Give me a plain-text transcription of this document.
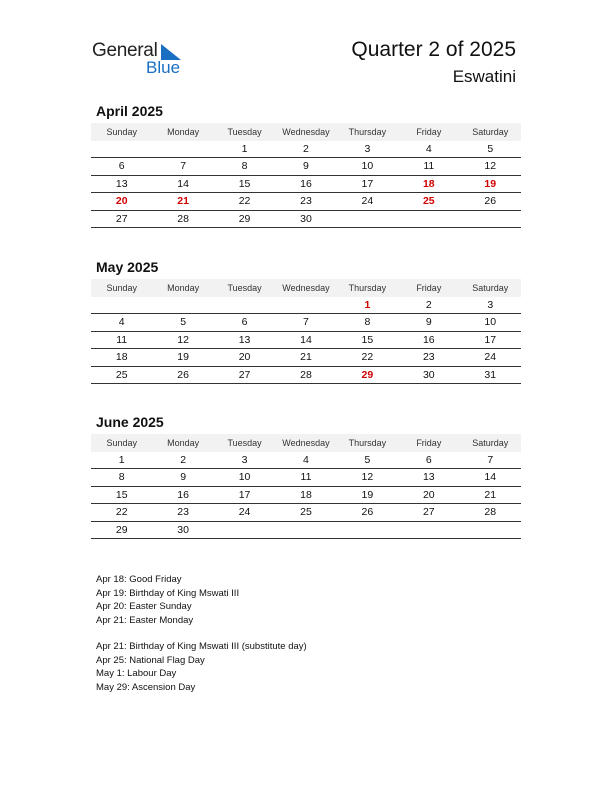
General
Blue
Quarter 2 of 2025
Eswatini
April 2025
Sunday	Monday	Tuesday	Wednesday	Thursday	Friday	Saturday
		1	2	3	4	5
6	7	8	9	10	11	12
13	14	15	16	17	18	19
20	21	22	23	24	25	26
27	28	29	30			
May 2025
Sunday	Monday	Tuesday	Wednesday	Thursday	Friday	Saturday
				1	2	3
4	5	6	7	8	9	10
11	12	13	14	15	16	17
18	19	20	21	22	23	24
25	26	27	28	29	30	31
June 2025
Sunday	Monday	Tuesday	Wednesday	Thursday	Friday	Saturday
1	2	3	4	5	6	7
8	9	10	11	12	13	14
15	16	17	18	19	20	21
22	23	24	25	26	27	28
29	30					
Apr 18: Good Friday
Apr 19: Birthday of King Mswati III
Apr 20: Easter Sunday
Apr 21: Easter Monday
Apr 21: Birthday of King Mswati III (substitute day)
Apr 25: National Flag Day
May 1: Labour Day
May 29: Ascension Day
